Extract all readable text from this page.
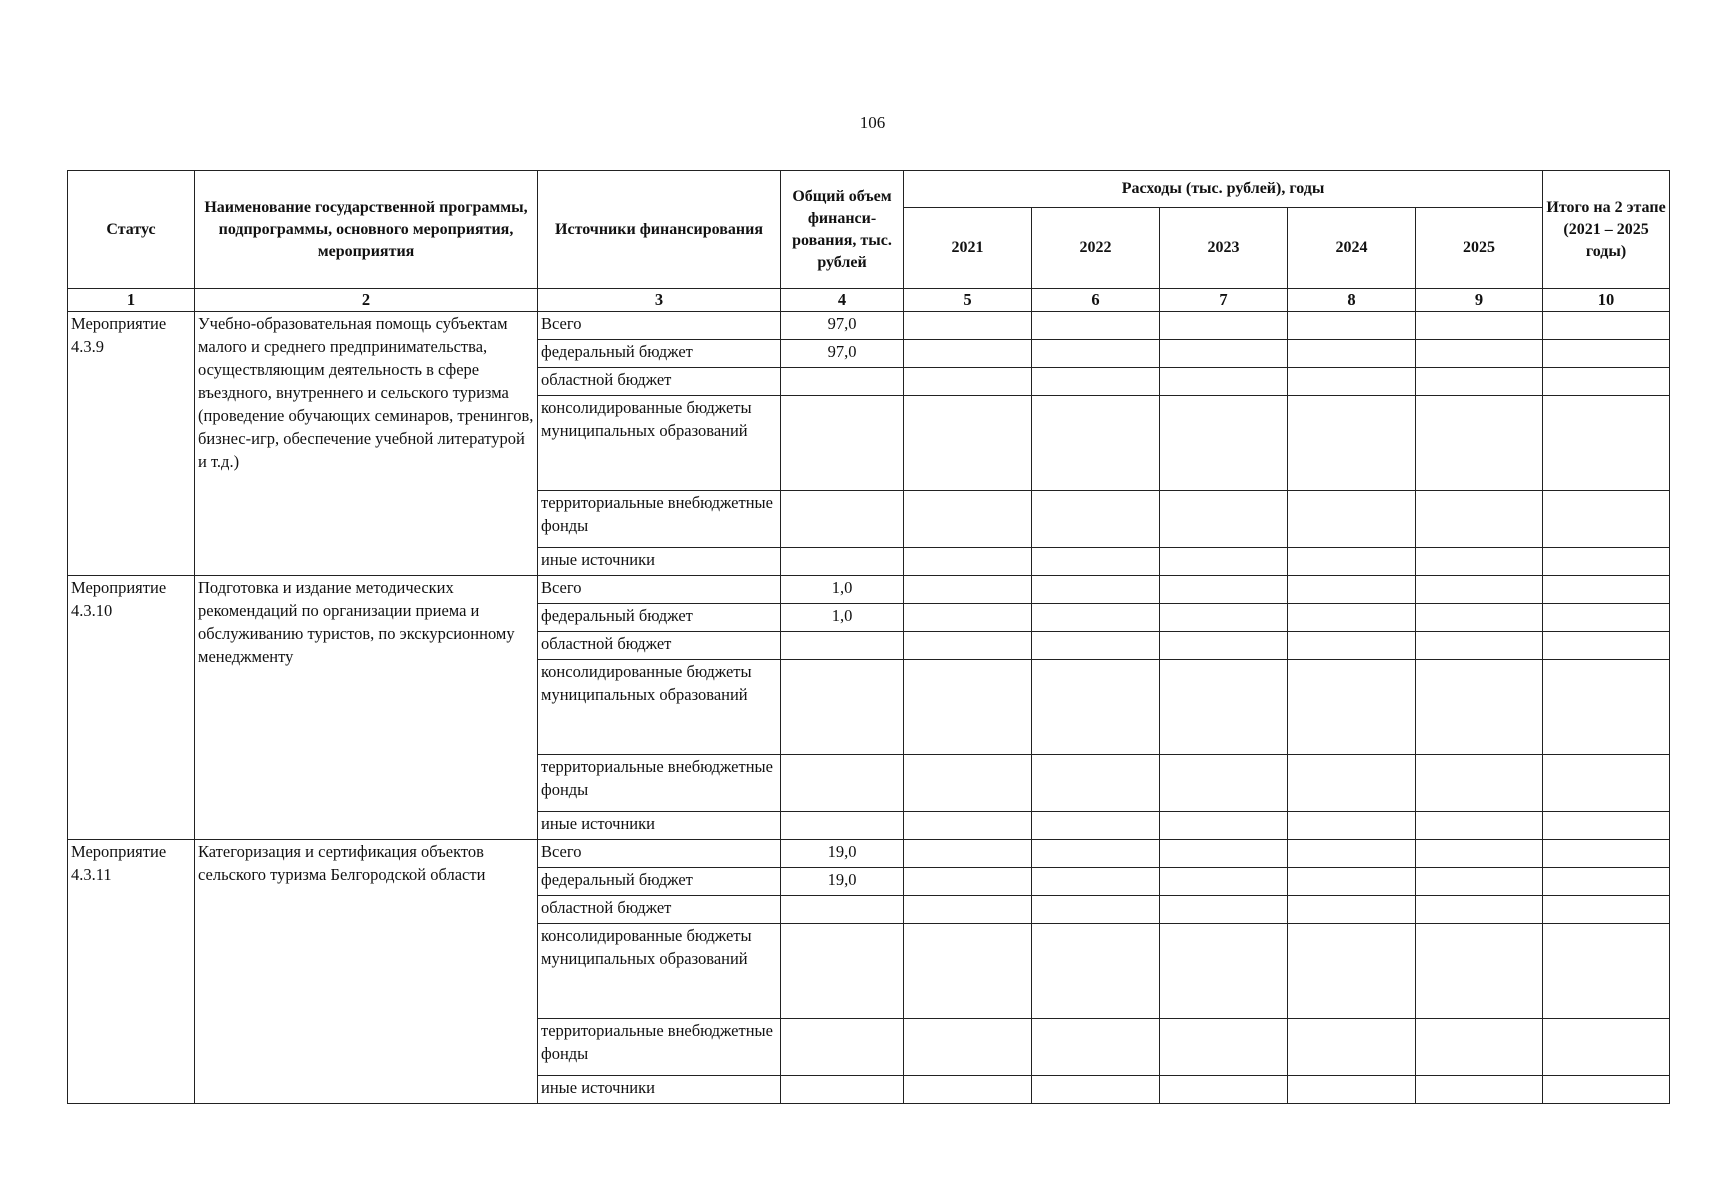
106
Статус	Наименование государственной программы, подпрограммы, основного мероприятия, мероприятия	Источники финансирования	Общий объем финанси-рования, тыс. рублей	Расходы (тыс. рублей), годы					Итого на 2 этапе (2021 – 2025 годы)
				2021	2022	2023	2024	2025	
1	2	3	4	5	6	7	8	9	10
Мероприятие 4.3.9	Учебно-образовательная помощь субъектам малого и среднего предпринимательства, осуществляющим деятельность в сфере въездного, внутреннего и сельского туризма (проведение обучающих семинаров, тренингов, бизнес-игр, обеспечение учебной литературой и т.д.)	Всего	97,0						
		федеральный бюджет	97,0						
		областной бюджет							
		консолидированные бюджеты муниципальных образований							
		территориальные внебюджетные фонды							
		иные источники							
Мероприятие 4.3.10	Подготовка и издание методических рекомендаций по организации приема и обслуживанию туристов, по экскурсионному менеджменту	Всего	1,0						
		федеральный бюджет	1,0						
		областной бюджет							
		консолидированные бюджеты муниципальных образований							
		территориальные внебюджетные фонды							
		иные источники							
Мероприятие 4.3.11	Категоризация и сертификация объектов сельского туризма Белгородской области	Всего	19,0						
		федеральный бюджет	19,0						
		областной бюджет							
		консолидированные бюджеты муниципальных образований							
		территориальные внебюджетные фонды							
		иные источники							
